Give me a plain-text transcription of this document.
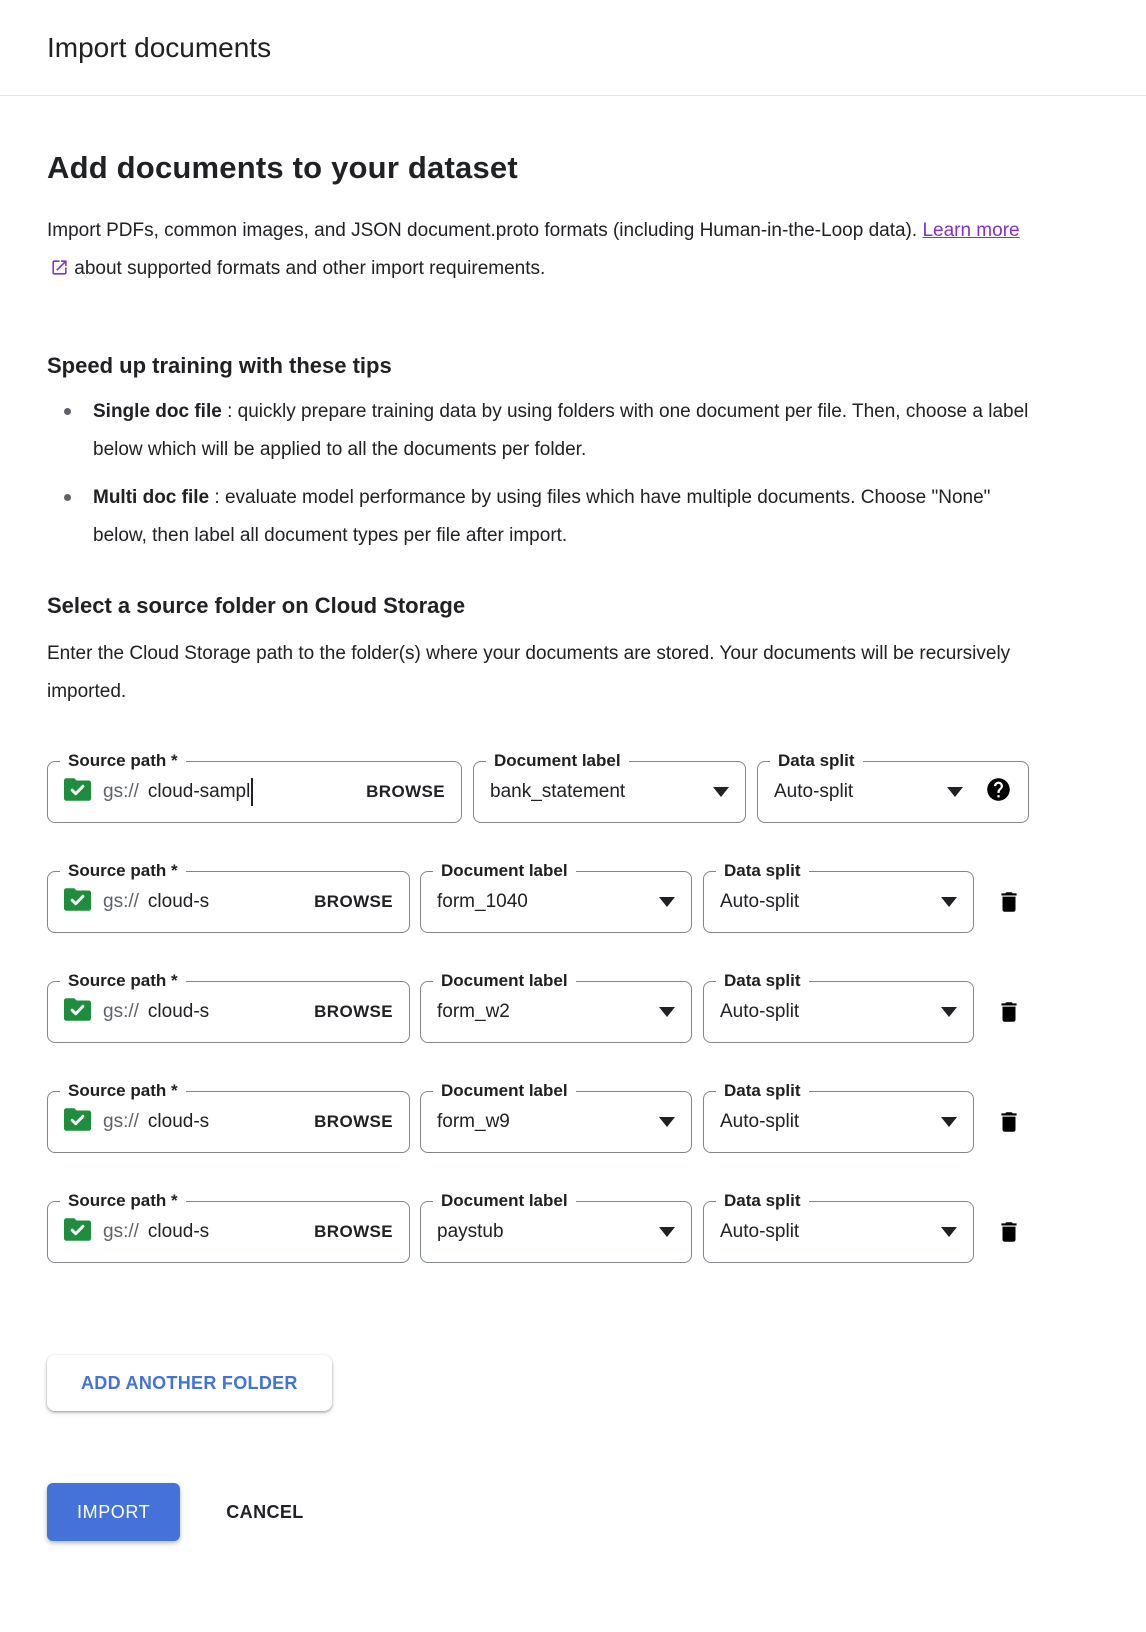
Import documents
Add documents to your dataset

Import PDFs, common images, and JSON document.proto formats (including Human-in-the-Loop data). Learn more about supported formats and other import requirements.

Speed up training with these tips
Single doc file : quickly prepare training data by using folders with one document per file. Then, choose a label below which will be applied to all the documents per folder.
Multi doc file : evaluate model performance by using files which have multiple documents. Choose "None" below, then label all document types per file after import.
Select a source folder on Cloud Storage

Enter the Cloud Storage path to the folder(s) where your documents are stored. Your documents will be recursively imported.

Source path *
gs:// cloud-sampl	BROWSE
Document label
bank_statement
Data split
Auto-split
Source path *
gs:// cloud-s	BROWSE
Document label
form_1040
Data split
Auto-split
Source path *
gs:// cloud-s	BROWSE
Document label
form_w2
Data split
Auto-split
Source path *
gs:// cloud-s	BROWSE
Document label
form_w9
Data split
Auto-split
Source path *
gs:// cloud-s	BROWSE
Document label
paystub
Data split
Auto-split
ADD ANOTHER FOLDER
IMPORT	CANCEL
